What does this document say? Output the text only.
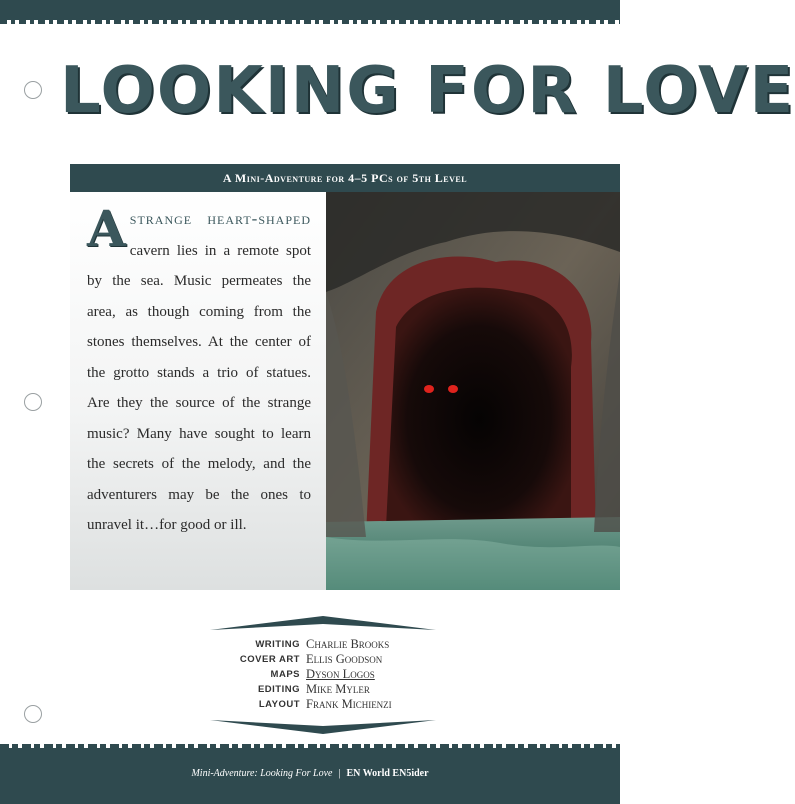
LOOKING FOR LOVE
A Mini-Adventure for 4–5 PCs of 5th Level
Astrange heart-shaped cavern lies in a remote spot by the sea. Music permeates the area, as though coming from the stones themselves. At the center of the grotto stands a trio of statues. Are they the source of the strange music? Many have sought to learn the secrets of the melody, and the adventurers may be the ones to unravel it…for good or ill.
WRITING Charlie Brooks
COVER ART Ellis Goodson
MAPS Dyson Logos
EDITING Mike Myler
LAYOUT Frank Michienzi
Mini-Adventure: Looking For Love | EN World EN5ider
